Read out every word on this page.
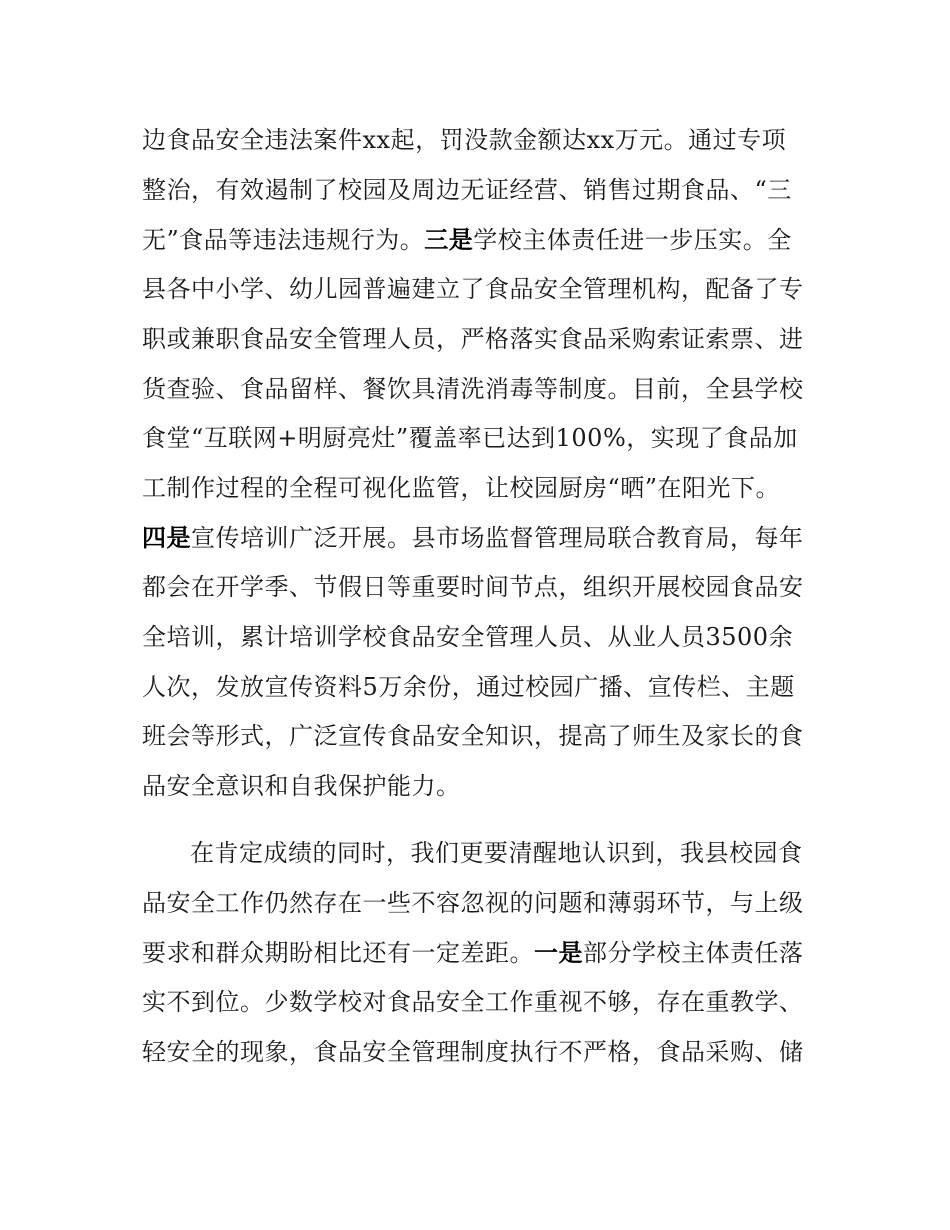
边食品安全违法案件xx起，罚没款金额达xx万元。通过专项
整治，有效遏制了校园及周边无证经营、销售过期食品、“三
无”食品等违法违规行为。三是学校主体责任进一步压实。全
县各中小学、幼儿园普遍建立了食品安全管理机构，配备了专
职或兼职食品安全管理人员，严格落实食品采购索证索票、进
货查验、食品留样、餐饮具清洗消毒等制度。目前，全县学校
食堂“互联网+明厨亮灶”覆盖率已达到100%，实现了食品加
工制作过程的全程可视化监管，让校园厨房“晒”在阳光下。
四是宣传培训广泛开展。县市场监督管理局联合教育局，每年
都会在开学季、节假日等重要时间节点，组织开展校园食品安
全培训，累计培训学校食品安全管理人员、从业人员3500余
人次，发放宣传资料5万余份，通过校园广播、宣传栏、主题
班会等形式，广泛宣传食品安全知识，提高了师生及家长的食
品安全意识和自我保护能力。
在肯定成绩的同时，我们更要清醒地认识到，我县校园食
品安全工作仍然存在一些不容忽视的问题和薄弱环节，与上级
要求和群众期盼相比还有一定差距。一是部分学校主体责任落
实不到位。少数学校对食品安全工作重视不够，存在重教学、
轻安全的现象，食品安全管理制度执行不严格，食品采购、储
